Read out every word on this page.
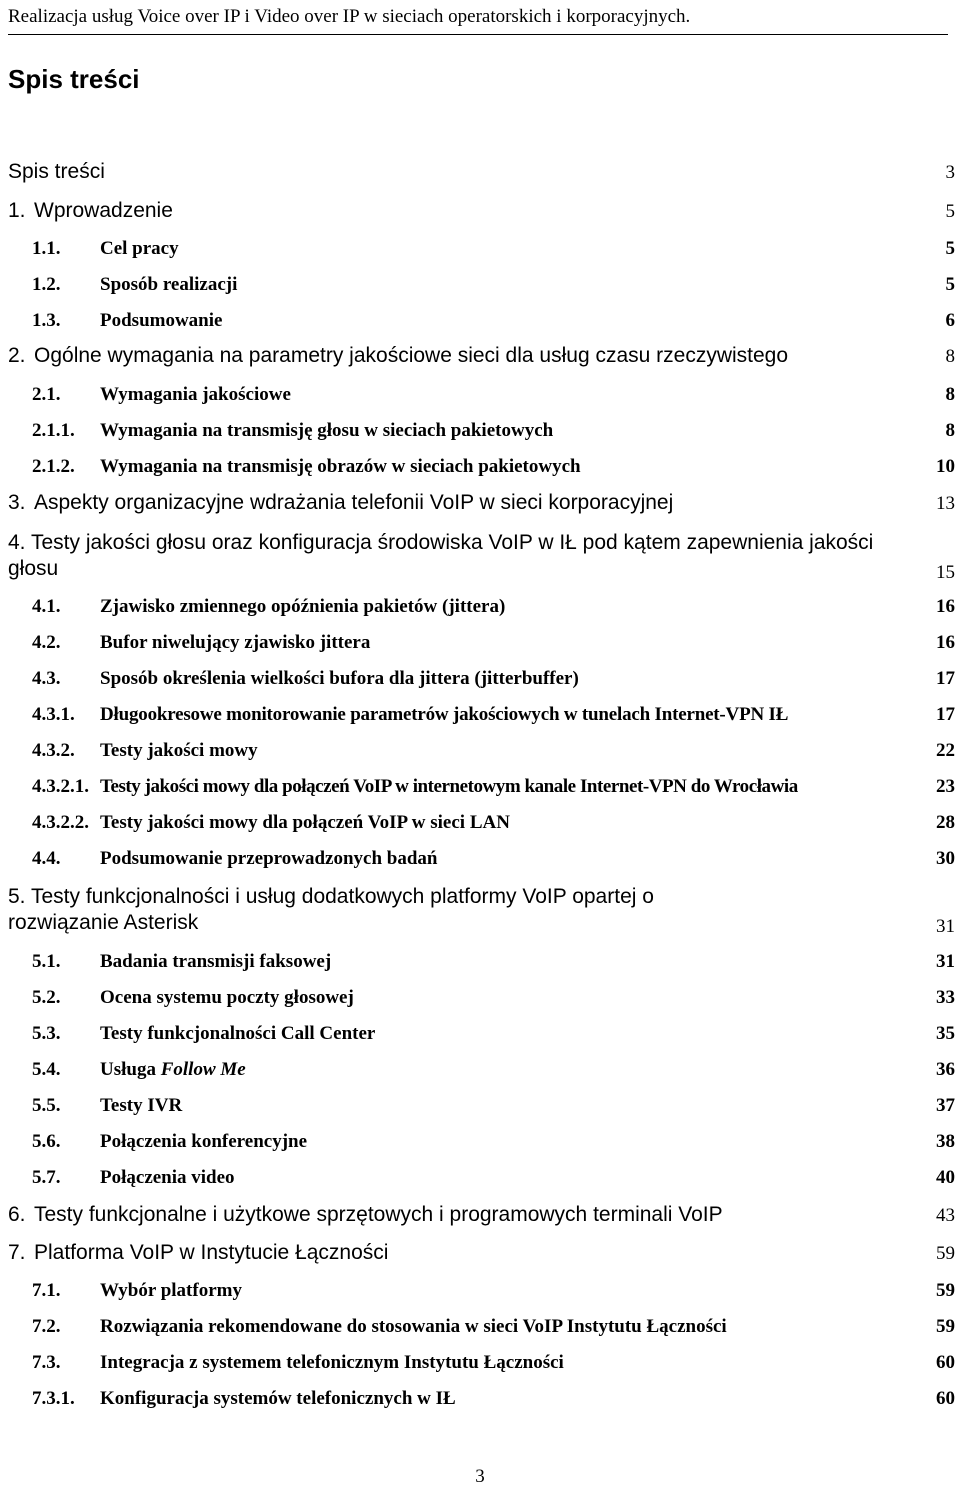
Realizacja usług Voice over IP i Video over IP w sieciach operatorskich i korporacyjnych.
Spis treści
Spis treści	3
1. Wprowadzenie	5
1.1. Cel pracy	5
1.2. Sposób realizacji	5
1.3. Podsumowanie	6
2. Ogólne wymagania na parametry jakościowe sieci dla usług czasu rzeczywistego	8
2.1. Wymagania jakościowe	8
2.1.1. Wymagania na transmisję głosu w sieciach pakietowych	8
2.1.2. Wymagania na transmisję obrazów w sieciach pakietowych	10
3. Aspekty organizacyjne wdrażania telefonii VoIP w sieci korporacyjnej	13
4. Testy jakości głosu oraz konfiguracja środowiska VoIP w IŁ pod kątem zapewnienia jakości głosu	15
4.1. Zjawisko zmiennego opóźnienia pakietów (jittera)	16
4.2. Bufor niwelujący zjawisko jittera	16
4.3. Sposób określenia wielkości bufora dla jittera (jitterbuffer)	17
4.3.1. Długookresowe monitorowanie parametrów jakościowych w tunelach Internet-VPN IŁ	17
4.3.2. Testy jakości mowy	22
4.3.2.1. Testy jakości mowy dla połączeń VoIP w internetowym kanale Internet-VPN do Wrocławia	23
4.3.2.2. Testy jakości mowy dla połączeń VoIP w sieci LAN	28
4.4. Podsumowanie przeprowadzonych badań	30
5. Testy funkcjonalności i usług dodatkowych platformy VoIP opartej o rozwiązanie Asterisk	31
5.1. Badania transmisji faksowej	31
5.2. Ocena systemu poczty głosowej	33
5.3. Testy funkcjonalności Call Center	35
5.4. Usługa Follow Me	36
5.5. Testy IVR	37
5.6. Połączenia konferencyjne	38
5.7. Połączenia video	40
6. Testy funkcjonalne i użytkowe sprzętowych i programowych terminali VoIP	43
7. Platforma VoIP w Instytucie Łączności	59
7.1. Wybór platformy	59
7.2. Rozwiązania rekomendowane do stosowania w sieci VoIP Instytutu Łączności	59
7.3. Integracja z systemem telefonicznym Instytutu Łączności	60
7.3.1. Konfiguracja systemów telefonicznych w IŁ	60
3
